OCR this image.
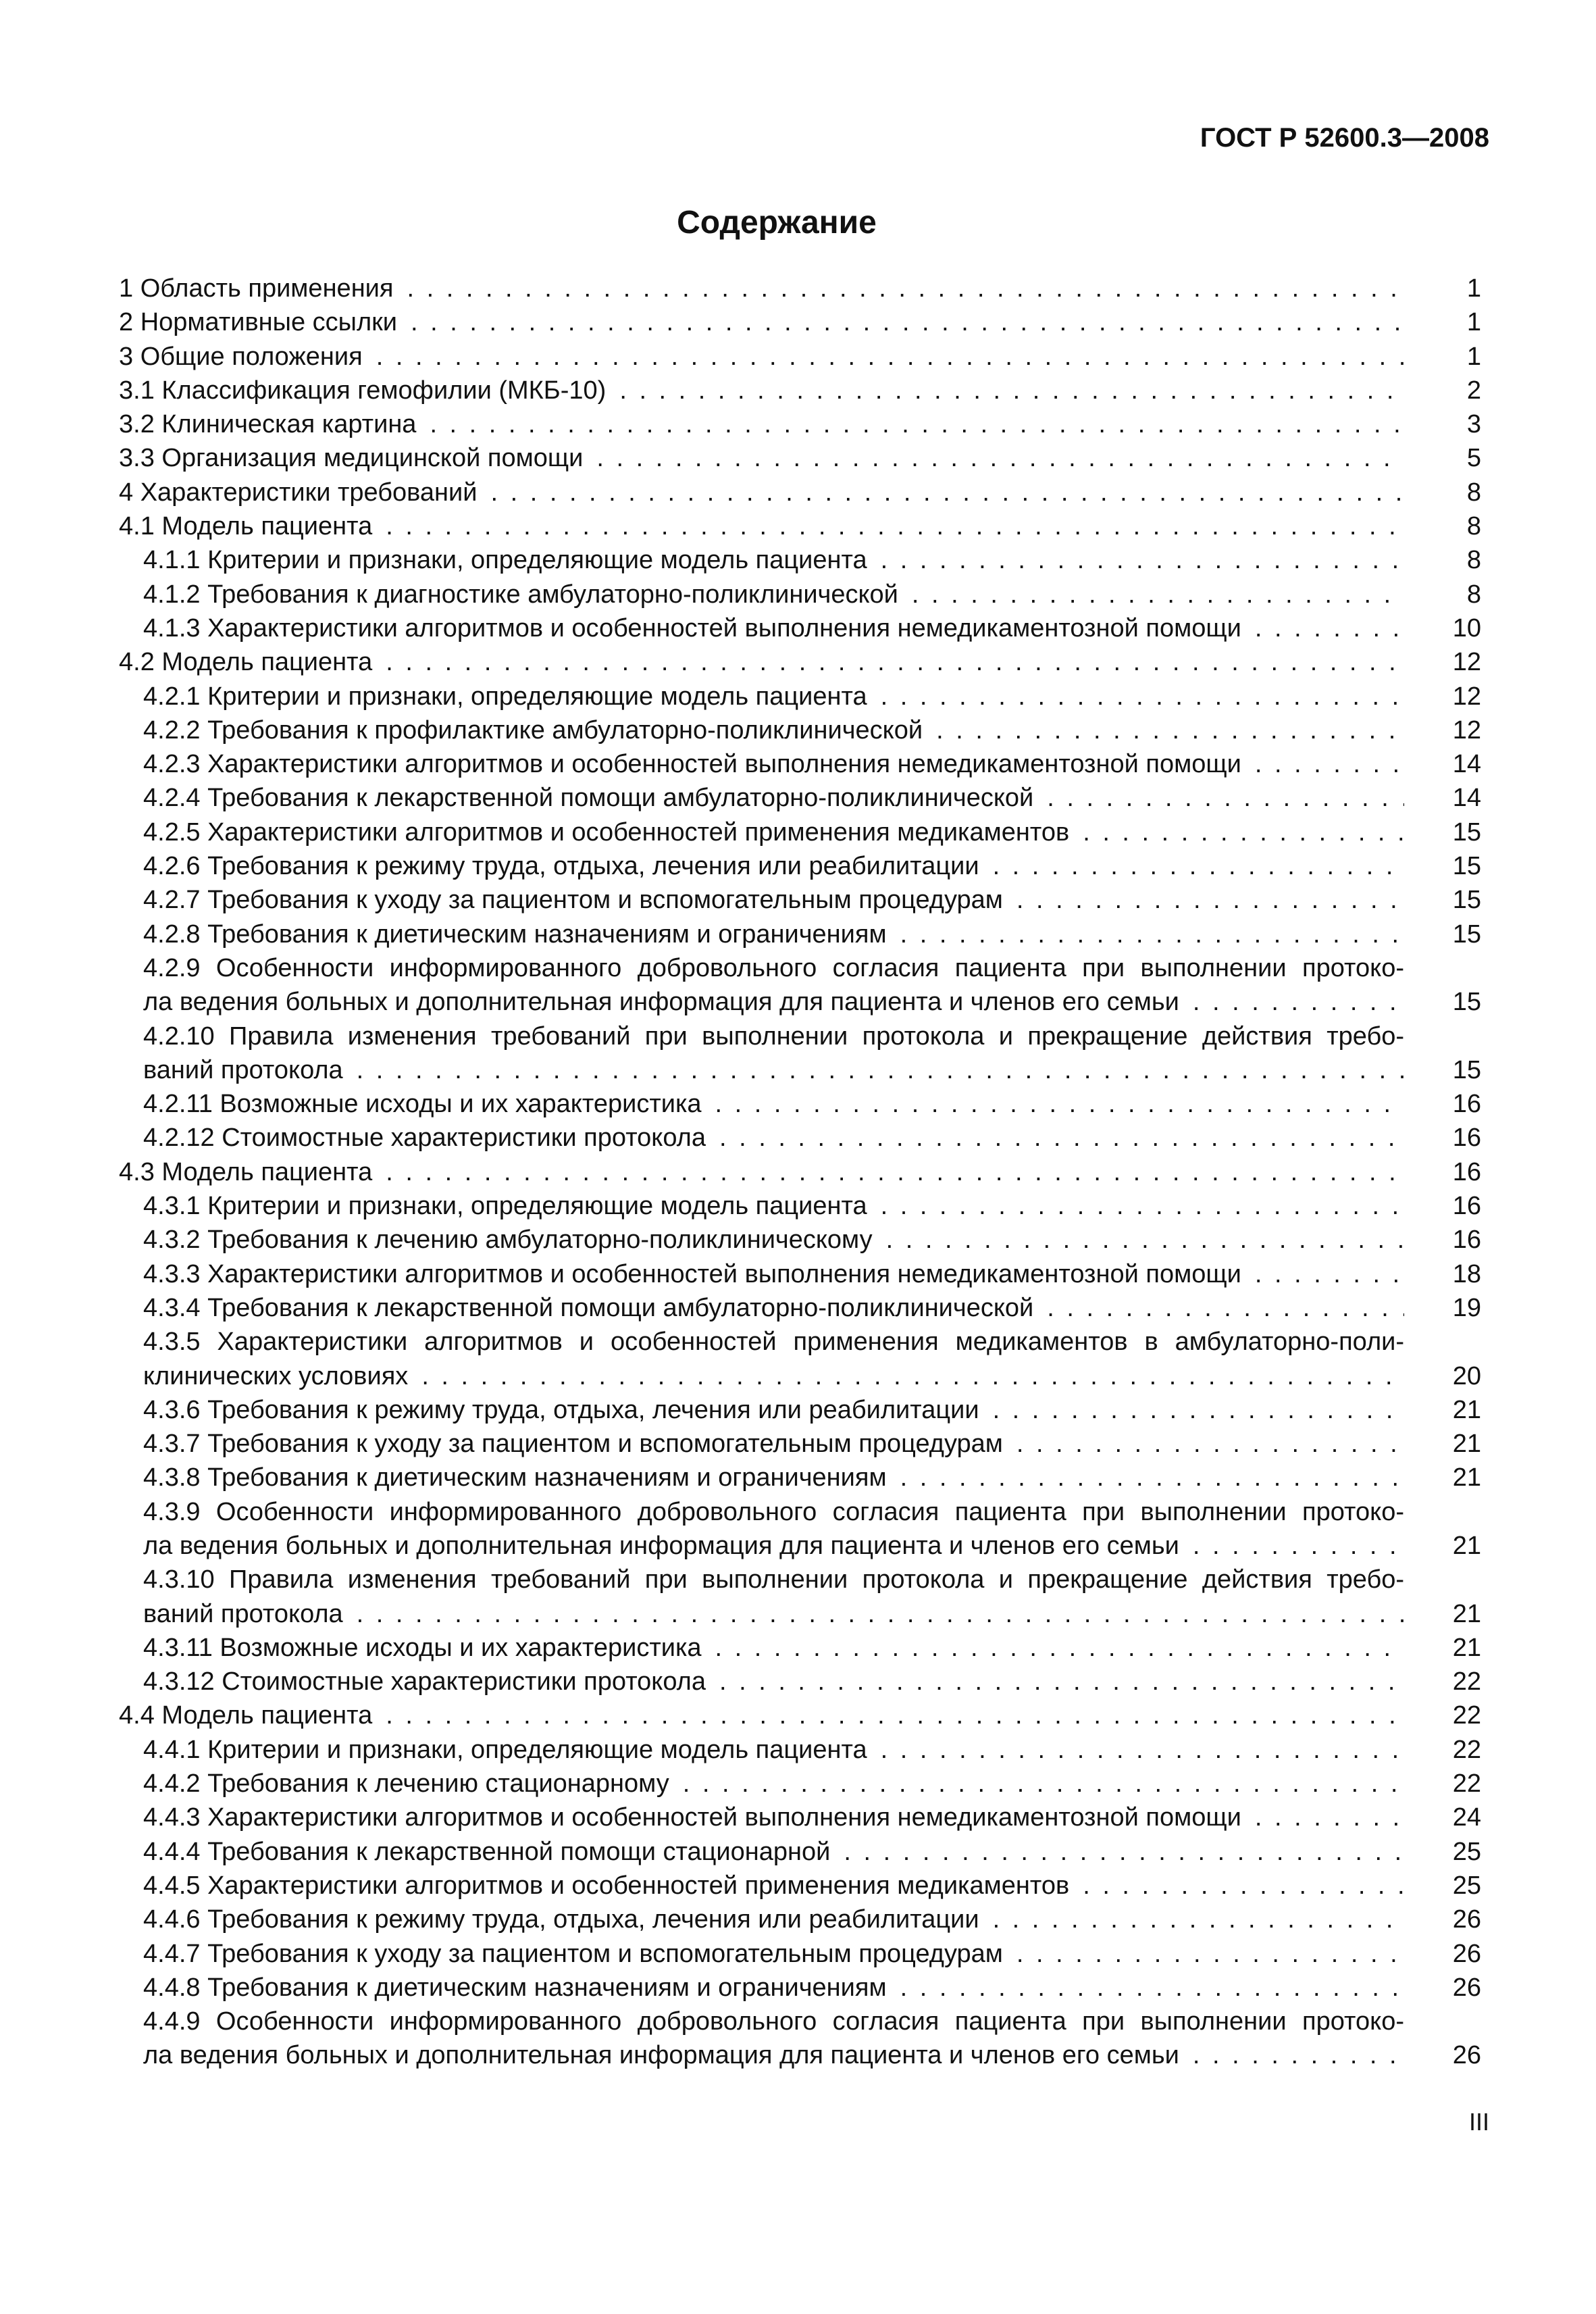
ГОСТ Р 52600.3—2008
Содержание
1 Область применения . . .	1
2 Нормативные ссылки . . .	1
3 Общие положения . . .	1
3.1 Классификация гемофилии (МКБ-10) . . .	2
3.2 Клиническая картина . . .	3
3.3 Организация медицинской помощи . . .	5
4 Характеристики требований . . .	8
4.1 Модель пациента . . .	8
4.1.1 Критерии и признаки, определяющие модель пациента . . .	8
4.1.2 Требования к диагностике амбулаторно-поликлинической . . .	8
4.1.3 Характеристики алгоритмов и особенностей выполнения немедикаментозной помощи . . .	10
4.2 Модель пациента . . .	12
4.2.1 Критерии и признаки, определяющие модель пациента . . .	12
4.2.2 Требования к профилактике амбулаторно-поликлинической . . .	12
4.2.3 Характеристики алгоритмов и особенностей выполнения немедикаментозной помощи . . .	14
4.2.4 Требования к лекарственной помощи амбулаторно-поликлинической . . .	14
4.2.5 Характеристики алгоритмов и особенностей применения медикаментов . . .	15
4.2.6 Требования к режиму труда, отдыха, лечения или реабилитации . . .	15
4.2.7 Требования к уходу за пациентом и вспомогательным процедурам . . .	15
4.2.8 Требования к диетическим назначениям и ограничениям . . .	15
4.2.9 Особенности информированного добровольного согласия пациента при выполнении протоко-
ла ведения больных и дополнительная информация для пациента и членов его семьи . . .	15
4.2.10 Правила изменения требований при выполнении протокола и прекращение действия требо-
ваний протокола . . .	15
4.2.11 Возможные исходы и их характеристика . . .	16
4.2.12 Стоимостные характеристики протокола . . .	16
4.3 Модель пациента . . .	16
4.3.1 Критерии и признаки, определяющие модель пациента . . .	16
4.3.2 Требования к лечению амбулаторно-поликлиническому . . .	16
4.3.3 Характеристики алгоритмов и особенностей выполнения немедикаментозной помощи . . .	18
4.3.4 Требования к лекарственной помощи амбулаторно-поликлинической . . .	19
4.3.5 Характеристики алгоритмов и особенностей применения медикаментов в амбулаторно-поли-
клинических условиях . . .	20
4.3.6 Требования к режиму труда, отдыха, лечения или реабилитации . . .	21
4.3.7 Требования к уходу за пациентом и вспомогательным процедурам . . .	21
4.3.8 Требования к диетическим назначениям и ограничениям . . .	21
4.3.9 Особенности информированного добровольного согласия пациента при выполнении протоко-
ла ведения больных и дополнительная информация для пациента и членов его семьи . . .	21
4.3.10 Правила изменения требований при выполнении протокола и прекращение действия требо-
ваний протокола . . .	21
4.3.11 Возможные исходы и их характеристика . . .	21
4.3.12 Стоимостные характеристики протокола . . .	22
4.4 Модель пациента . . .	22
4.4.1 Критерии и признаки, определяющие модель пациента . . .	22
4.4.2 Требования к лечению стационарному . . .	22
4.4.3 Характеристики алгоритмов и особенностей выполнения немедикаментозной помощи . . .	24
4.4.4 Требования к лекарственной помощи стационарной . . .	25
4.4.5 Характеристики алгоритмов и особенностей применения медикаментов . . .	25
4.4.6 Требования к режиму труда, отдыха, лечения или реабилитации . . .	26
4.4.7 Требования к уходу за пациентом и вспомогательным процедурам . . .	26
4.4.8 Требования к диетическим назначениям и ограничениям . . .	26
4.4.9 Особенности информированного добровольного согласия пациента при выполнении протоко-
ла ведения больных и дополнительная информация для пациента и членов его семьи . . .	26
III
